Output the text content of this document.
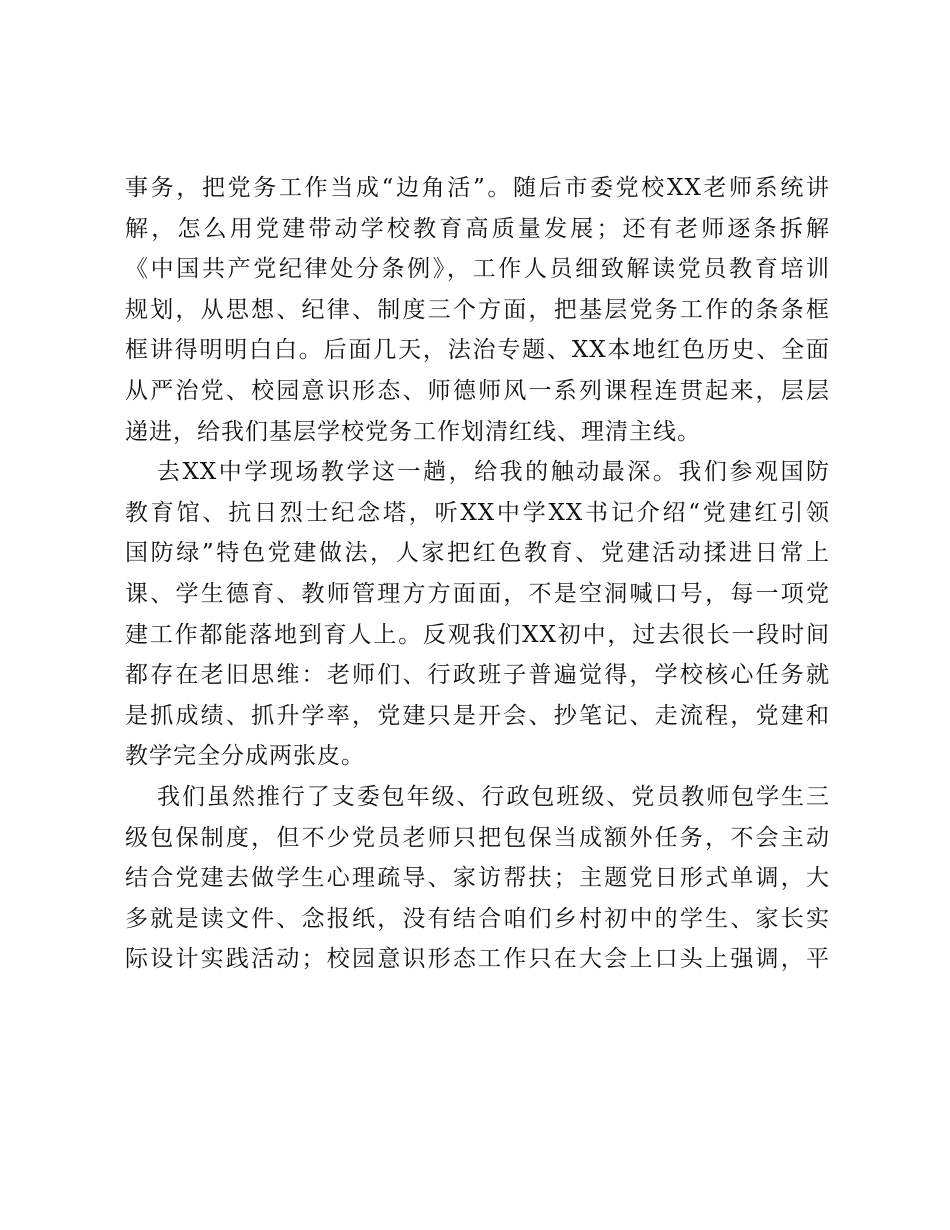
事务，把党务工作当成“边角活”。随后市委党校XX老师系统讲
解，怎么用党建带动学校教育高质量发展；还有老师逐条拆解
《中国共产党纪律处分条例》，工作人员细致解读党员教育培训
规划，从思想、纪律、制度三个方面，把基层党务工作的条条框
框讲得明明白白。后面几天，法治专题、XX本地红色历史、全面
从严治党、校园意识形态、师德师风一系列课程连贯起来，层层
递进，给我们基层学校党务工作划清红线、理清主线。
去XX中学现场教学这一趟，给我的触动最深。我们参观国防
教育馆、抗日烈士纪念塔，听XX中学XX书记介绍“党建红引领
国防绿”特色党建做法，人家把红色教育、党建活动揉进日常上
课、学生德育、教师管理方方面面，不是空洞喊口号，每一项党
建工作都能落地到育人上。反观我们XX初中，过去很长一段时间
都存在老旧思维：老师们、行政班子普遍觉得，学校核心任务就
是抓成绩、抓升学率，党建只是开会、抄笔记、走流程，党建和
教学完全分成两张皮。
我们虽然推行了支委包年级、行政包班级、党员教师包学生三
级包保制度，但不少党员老师只把包保当成额外任务，不会主动
结合党建去做学生心理疏导、家访帮扶；主题党日形式单调，大
多就是读文件、念报纸，没有结合咱们乡村初中的学生、家长实
际设计实践活动；校园意识形态工作只在大会上口头上强调，平
